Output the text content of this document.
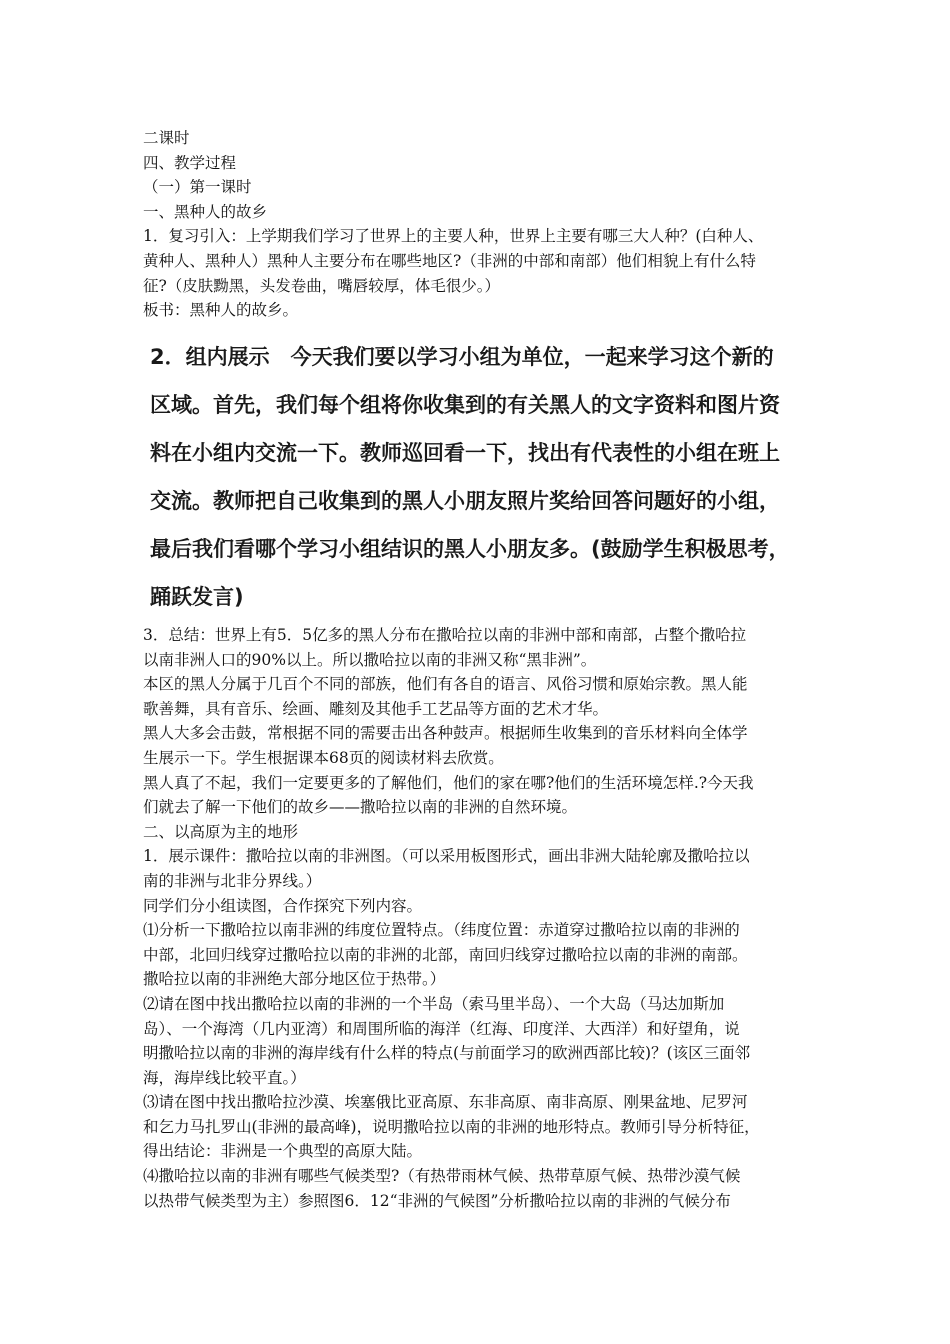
二课时

四、教学过程

（一）第一课时

一、黑种人的故乡

1．复习引入：上学期我们学习了世界上的主要人种，世界上主要有哪三大人种？(白种人、

黄种人、黑种人）黑种人主要分布在哪些地区?（非洲的中部和南部）他们相貌上有什么特

征?（皮肤黝黑，头发卷曲，嘴唇较厚，体毛很少。）

板书：黑种人的故乡。

2．组内展示　今天我们要以学习小组为单位，一起来学习这个新的

区域。首先，我们每个组将你收集到的有关黑人的文字资料和图片资

料在小组内交流一下。教师巡回看一下，找出有代表性的小组在班上

交流。教师把自己收集到的黑人小朋友照片奖给回答问题好的小组，

最后我们看哪个学习小组结识的黑人小朋友多。(鼓励学生积极思考，

踊跃发言)

3．总结：世界上有5．5亿多的黑人分布在撒哈拉以南的非洲中部和南部，占整个撒哈拉

以南非洲人口的90%以上。所以撒哈拉以南的非洲又称“黑非洲”。

本区的黑人分属于几百个不同的部族，他们有各自的语言、风俗习惯和原始宗教。黑人能

歌善舞，具有音乐、绘画、雕刻及其他手工艺品等方面的艺术才华。

黑人大多会击鼓，常根据不同的需要击出各种鼓声。根据师生收集到的音乐材料向全体学

生展示一下。学生根据课本68页的阅读材料去欣赏。

黑人真了不起，我们一定要更多的了解他们，他们的家在哪?他们的生活环境怎样.?今天我

们就去了解一下他们的故乡——撒哈拉以南的非洲的自然环境。

二、以高原为主的地形

1．展示课件：撒哈拉以南的非洲图。（可以采用板图形式，画出非洲大陆轮廓及撒哈拉以

南的非洲与北非分界线。）

同学们分小组读图，合作探究下列内容。

⑴分析一下撒哈拉以南非洲的纬度位置特点。（纬度位置：赤道穿过撒哈拉以南的非洲的

中部，北回归线穿过撒哈拉以南的非洲的北部，南回归线穿过撒哈拉以南的非洲的南部。

撒哈拉以南的非洲绝大部分地区位于热带。）

⑵请在图中找出撒哈拉以南的非洲的一个半岛（索马里半岛）、一个大岛（马达加斯加

岛）、一个海湾（几内亚湾）和周围所临的海洋（红海、印度洋、大西洋）和好望角，说

明撒哈拉以南的非洲的海岸线有什么样的特点(与前面学习的欧洲西部比较)？(该区三面邻

海，海岸线比较平直。）

⑶请在图中找出撒哈拉沙漠、埃塞俄比亚高原、东非高原、南非高原、刚果盆地、尼罗河

和乞力马扎罗山(非洲的最高峰)，说明撒哈拉以南的非洲的地形特点。教师引导分析特征，

得出结论：非洲是一个典型的高原大陆。

⑷撒哈拉以南的非洲有哪些气候类型?（有热带雨林气候、热带草原气候、热带沙漠气候

以热带气候类型为主）参照图6．12“非洲的气候图”分析撒哈拉以南的非洲的气候分布
